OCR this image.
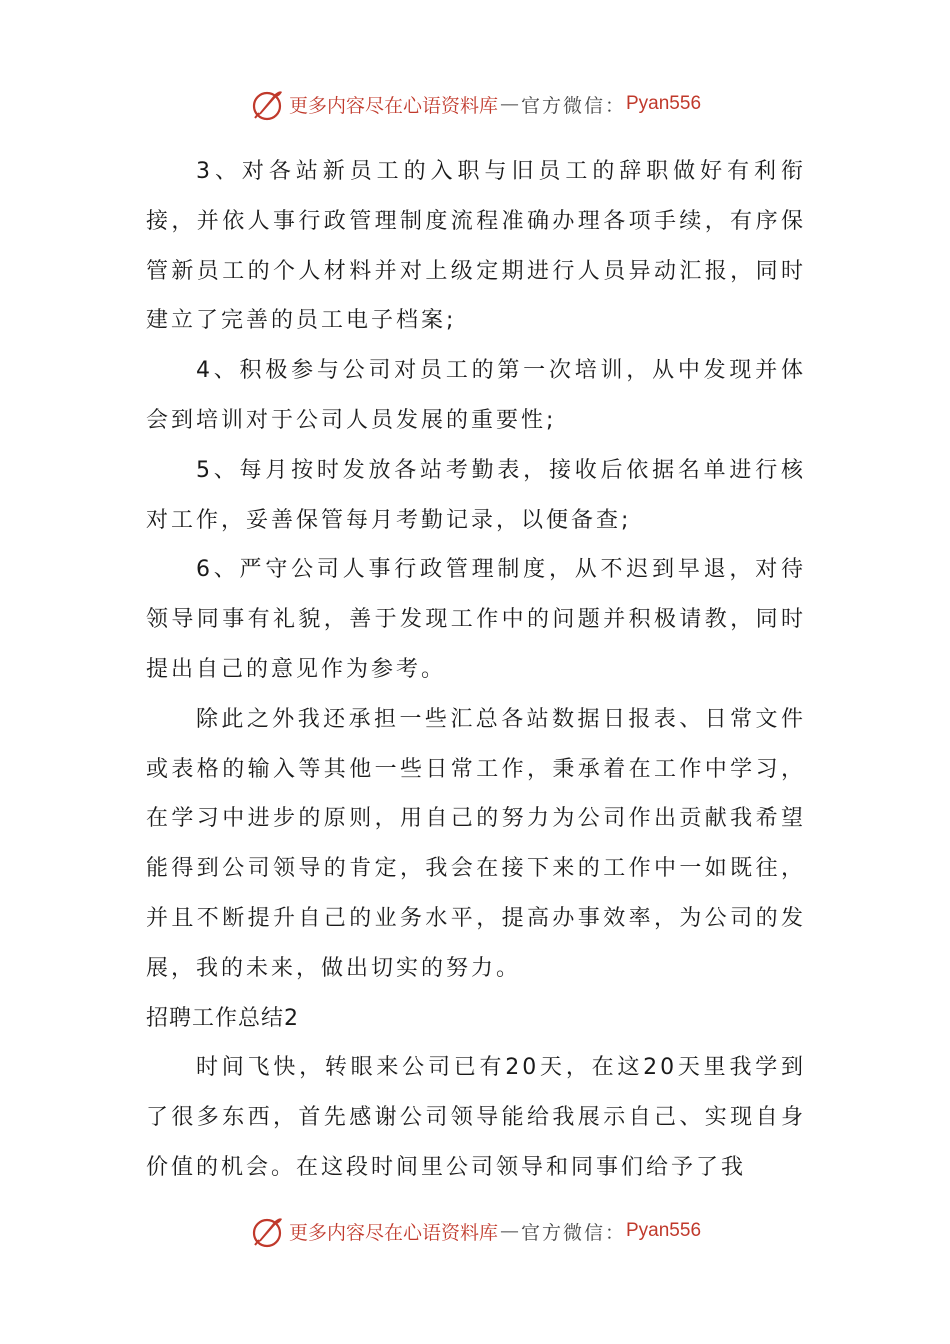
更多内容尽在心语资料库 — 官方微信： Pyan556

3、对各站新员工的入职与旧员工的辞职做好有利衔接，并依人事行政管理制度流程准确办理各项手续，有序保管新员工的个人材料并对上级定期进行人员异动汇报，同时建立了完善的员工电子档案;

4、积极参与公司对员工的第一次培训，从中发现并体会到培训对于公司人员发展的重要性;

5、每月按时发放各站考勤表，接收后依据名单进行核对工作，妥善保管每月考勤记录，以便备查;

6、严守公司人事行政管理制度，从不迟到早退，对待领导同事有礼貌，善于发现工作中的问题并积极请教，同时提出自己的意见作为参考。

除此之外我还承担一些汇总各站数据日报表、日常文件或表格的输入等其他一些日常工作，秉承着在工作中学习，在学习中进步的原则，用自己的努力为公司作出贡献我希望能得到公司领导的肯定，我会在接下来的工作中一如既往，并且不断提升自己的业务水平，提高办事效率，为公司的发展，我的未来，做出切实的努力。

招聘工作总结2

时间飞快，转眼来公司已有20天，在这20天里我学到了很多东西，首先感谢公司领导能给我展示自己、实现自身价值的机会。在这段时间里公司领导和同事们给予了我

更多内容尽在心语资料库 — 官方微信： Pyan556
